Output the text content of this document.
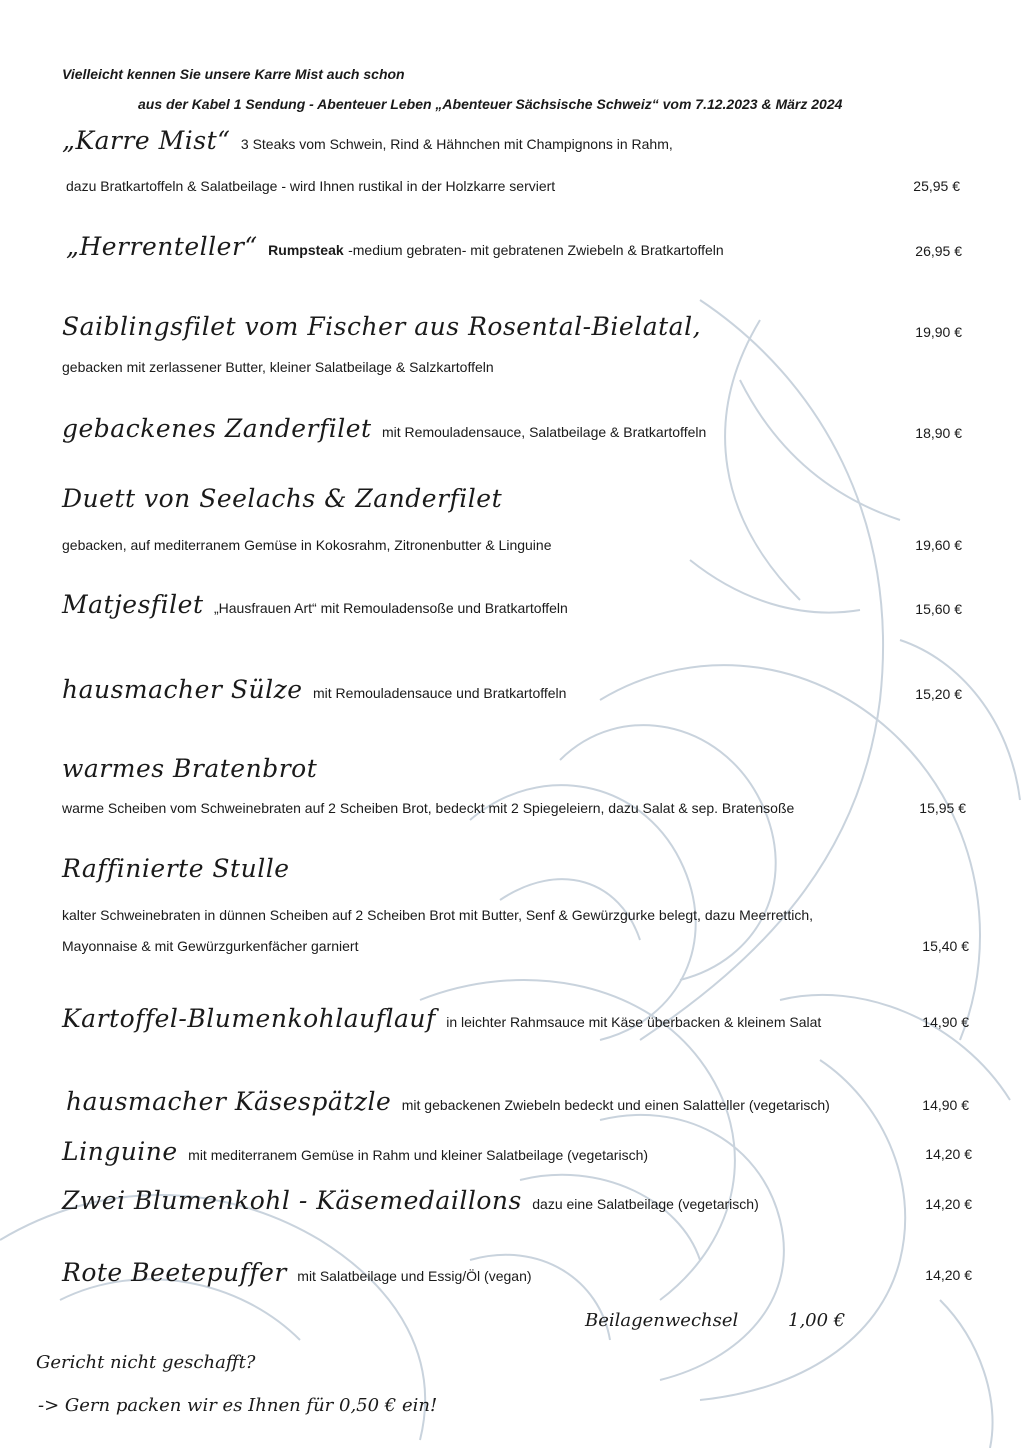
Vielleicht kennen Sie unsere Karre Mist auch schon
aus der Kabel 1 Sendung - Abenteuer Leben „Abenteuer Sächsische Schweiz“ vom 7.12.2023 & März 2024
„Karre Mist“ 3 Steaks vom Schwein, Rind & Hähnchen mit Champignons in Rahm,
dazu Bratkartoffeln & Salatbeilage - wird Ihnen rustikal in der Holzkarre serviert	25,95 €
„Herrenteller“ Rumpsteak -medium gebraten- mit gebratenen Zwiebeln & Bratkartoffeln	26,95 €
Saiblingsfilet vom Fischer aus Rosental-Bielatal,	19,90 €
gebacken mit zerlassener Butter, kleiner Salatbeilage & Salzkartoffeln
gebackenes Zanderfilet mit Remouladensauce, Salatbeilage & Bratkartoffeln	18,90 €
Duett von Seelachs & Zanderfilet
gebacken, auf mediterranem Gemüse in Kokosrahm, Zitronenbutter & Linguine	19,60 €
Matjesfilet „Hausfrauen Art“ mit Remouladensoße und Bratkartoffeln	15,60 €
hausmacher Sülze mit Remouladensauce und Bratkartoffeln	15,20 €
warmes Bratenbrot
warme Scheiben vom Schweinebraten auf 2 Scheiben Brot, bedeckt mit 2 Spiegeleiern, dazu Salat & sep. Bratensoße	15,95 €
Raffinierte Stulle
kalter Schweinebraten in dünnen Scheiben auf 2 Scheiben Brot mit Butter, Senf & Gewürzgurke belegt, dazu Meerrettich,
Mayonnaise & mit Gewürzgurkenfächer garniert	15,40 €
Kartoffel-Blumenkohlauflauf in leichter Rahmsauce mit Käse überbacken & kleinem Salat	14,90 €
hausmacher Käsespätzle mit gebackenen Zwiebeln bedeckt und einen Salatteller (vegetarisch)	14,90 €
Linguine mit mediterranem Gemüse in Rahm und kleiner Salatbeilage (vegetarisch)	14,20 €
Zwei Blumenkohl - Käsemedaillons dazu eine Salatbeilage (vegetarisch)	14,20 €
Rote Beetepuffer mit Salatbeilage und Essig/Öl (vegan)	14,20 €
Beilagenwechsel	1,00 €
Gericht nicht geschafft?
-> Gern packen wir es Ihnen für 0,50 € ein!
